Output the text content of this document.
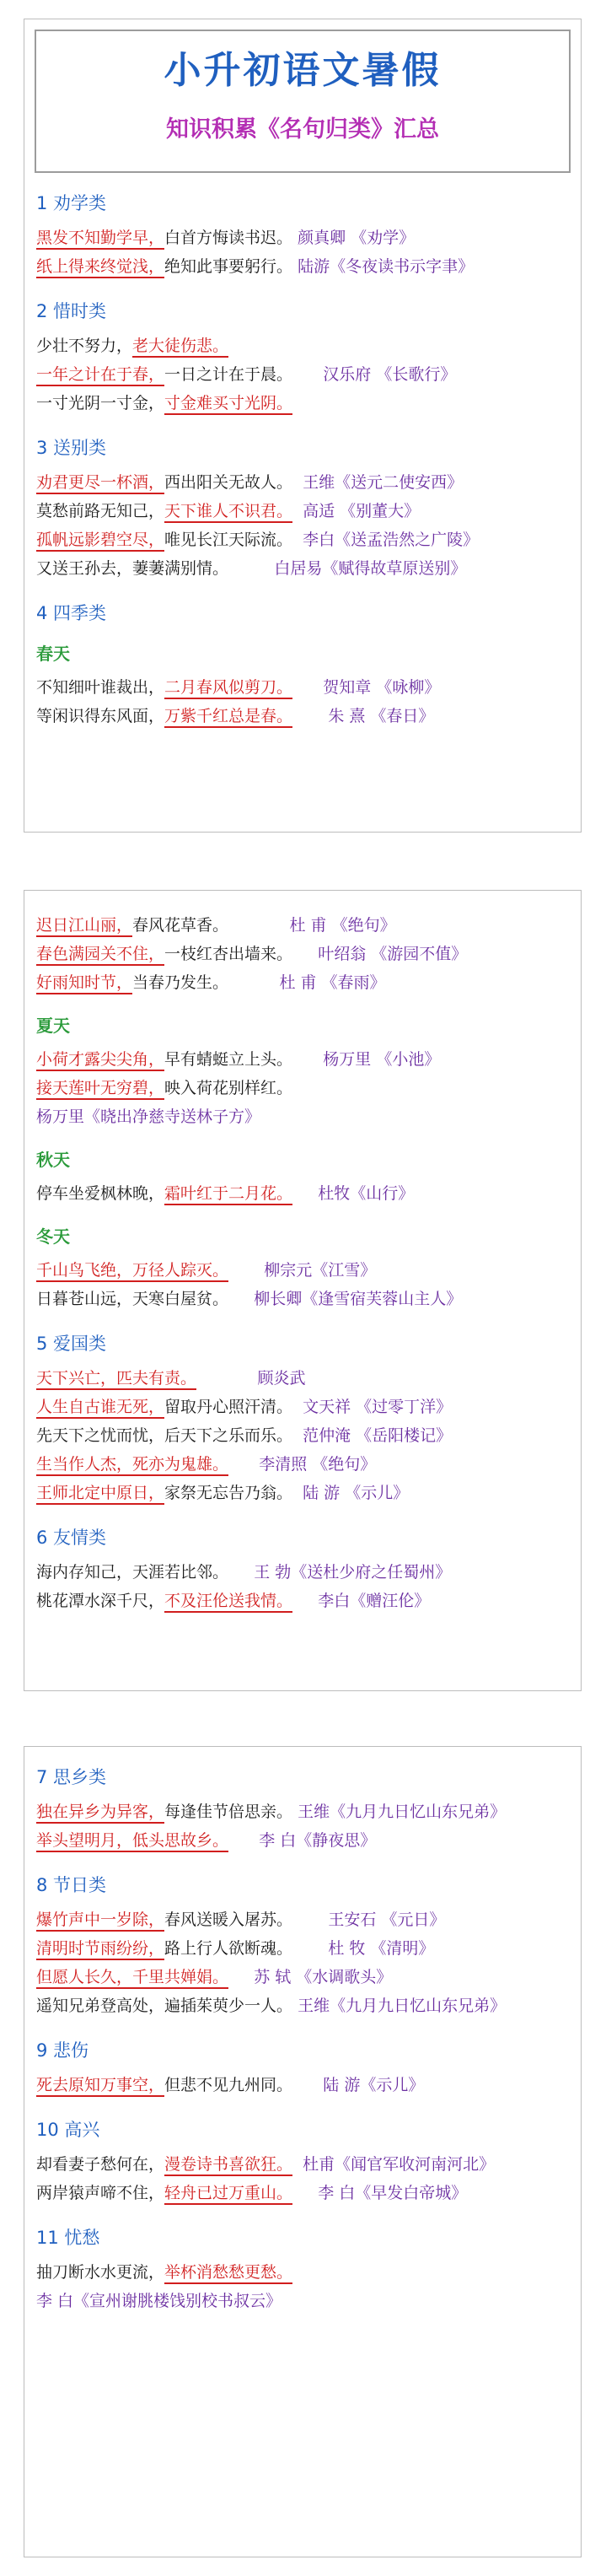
小升初语文暑假
知识积累《名句归类》汇总
1 劝学类
黑发不知勤学早，白首方悔读书迟。 颜真卿 《劝学》
纸上得来终觉浅，绝知此事要躬行。 陆游《冬夜读书示字聿》
2 惜时类
少壮不努力，老大徒伤悲。
一年之计在于春，一日之计在于晨。 汉乐府 《长歌行》
一寸光阴一寸金，寸金难买寸光阴。
3 送别类
劝君更尽一杯酒，西出阳关无故人。 王维《送元二使安西》
莫愁前路无知己，天下谁人不识君。 高适 《别董大》
孤帆远影碧空尽，唯见长江天际流。 李白《送孟浩然之广陵》
又送王孙去，萋萋满别情。	白居易《赋得故草原送别》
4 四季类
春天
不知细叶谁裁出，二月春风似剪刀。 贺知章 《咏柳》
等闲识得东风面，万紫千红总是春。 朱 熹 《春日》
迟日江山丽，春风花草香。	杜 甫 《绝句》
春色满园关不住，一枝红杏出墙来。 叶绍翁 《游园不值》
好雨知时节，当春乃发生。	杜 甫 《春雨》
夏天
小荷才露尖尖角，早有蜻蜓立上头。 杨万里 《小池》
接天莲叶无穷碧，映入荷花别样红。
杨万里《晓出净慈寺送林子方》
秋天
停车坐爱枫林晚，霜叶红于二月花。 杜牧《山行》
冬天
千山鸟飞绝，万径人踪灭。 柳宗元《江雪》
日暮苍山远，天寒白屋贫。 柳长卿《逢雪宿芙蓉山主人》
5 爱国类
天下兴亡，匹夫有责。	顾炎武
人生自古谁无死，留取丹心照汗清。 文天祥 《过零丁洋》
先天下之忧而忧，后天下之乐而乐。 范仲淹 《岳阳楼记》
生当作人杰，死亦为鬼雄。 李清照 《绝句》
王师北定中原日，家祭无忘告乃翁。 陆 游 《示儿》
6 友情类
海内存知己，天涯若比邻。 王 勃《送杜少府之任蜀州》
桃花潭水深千尺，不及汪伦送我情。 李白《赠汪伦》
7 思乡类
独在异乡为异客，每逢佳节倍思亲。 王维《九月九日忆山东兄弟》
举头望明月，低头思故乡。 李 白《静夜思》
8 节日类
爆竹声中一岁除，春风送暖入屠苏。 王安石 《元日》
清明时节雨纷纷，路上行人欲断魂。 杜 牧 《清明》
但愿人长久，千里共婵娟。 苏 轼 《水调歌头》
遥知兄弟登高处，遍插茱萸少一人。 王维《九月九日忆山东兄弟》
9 悲伤
死去原知万事空，但悲不见九州同。 陆 游《示儿》
10 高兴
却看妻子愁何在，漫卷诗书喜欲狂。 杜甫《闻官军收河南河北》
两岸猿声啼不住，轻舟已过万重山。 李 白《早发白帝城》
11 忧愁
抽刀断水水更流，举杯消愁愁更愁。
李 白《宣州谢朓楼饯别校书叔云》
